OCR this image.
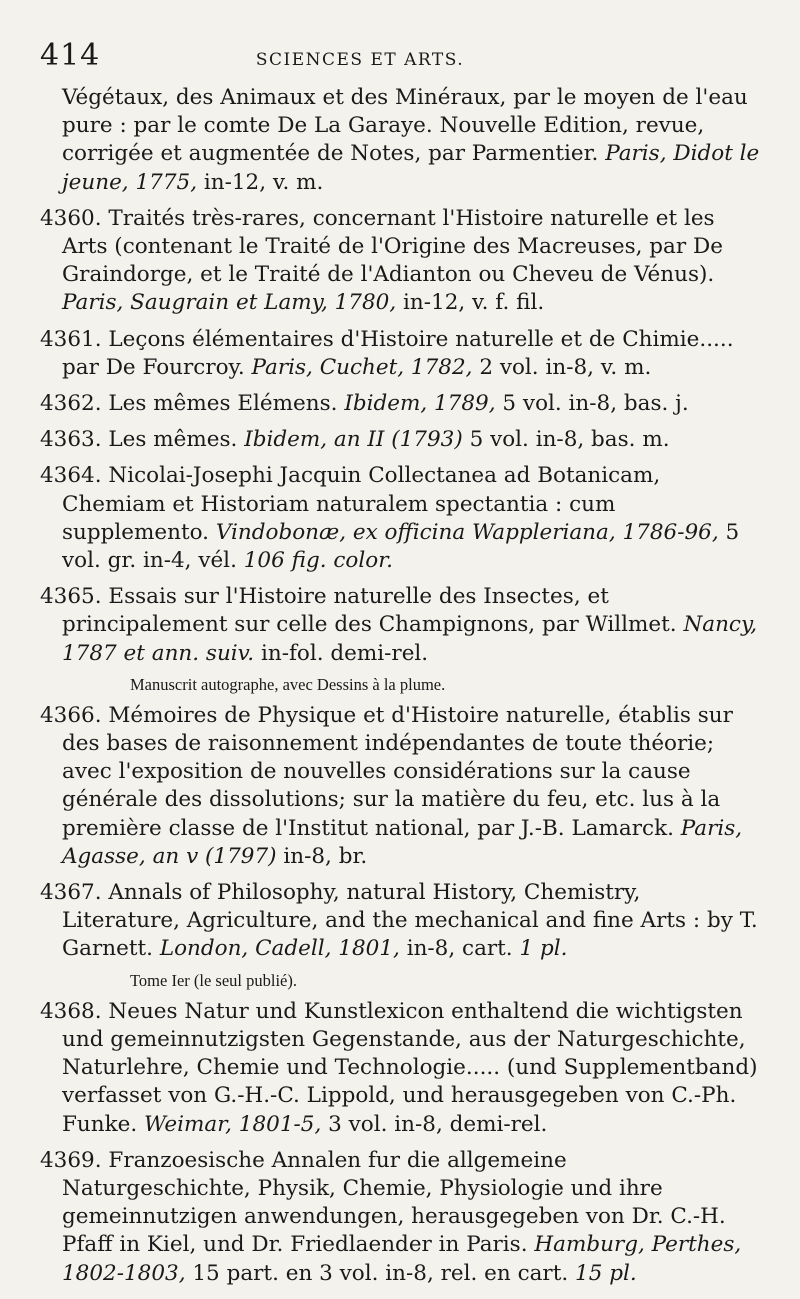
414	SCIENCES ET ARTS.

Végétaux, des Animaux et des Minéraux, par le moyen de l'eau pure : par le comte De La Garaye. Nouvelle Edition, revue, corrigée et augmentée de Notes, par Parmentier. Paris, Didot le jeune, 1775, in-12, v. m.

4360. Traités très-rares, concernant l'Histoire naturelle et les Arts (contenant le Traité de l'Origine des Macreuses, par De Graindorge, et le Traité de l'Adianton ou Cheveu de Vénus). Paris, Saugrain et Lamy, 1780, in-12, v. f. fil.

4361. Leçons élémentaires d'Histoire naturelle et de Chimie..... par De Fourcroy. Paris, Cuchet, 1782, 2 vol. in-8, v. m.

4362. Les mêmes Elémens. Ibidem, 1789, 5 vol. in-8, bas. j.

4363. Les mêmes. Ibidem, an II (1793) 5 vol. in-8, bas. m.

4364. Nicolai-Josephi Jacquin Collectanea ad Botanicam, Chemiam et Historiam naturalem spectantia : cum supplemento. Vindobonæ, ex officina Wappleriana, 1786-96, 5 vol. gr. in-4, vél. 106 fig. color.

4365. Essais sur l'Histoire naturelle des Insectes, et principalement sur celle des Champignons, par Willmet. Nancy, 1787 et ann. suiv. in-fol. demi-rel.

Manuscrit autographe, avec Dessins à la plume.

4366. Mémoires de Physique et d'Histoire naturelle, établis sur des bases de raisonnement indépendantes de toute théorie; avec l'exposition de nouvelles considérations sur la cause générale des dissolutions; sur la matière du feu, etc. lus à la première classe de l'Institut national, par J.-B. Lamarck. Paris, Agasse, an v (1797) in-8, br.

4367. Annals of Philosophy, natural History, Chemistry, Literature, Agriculture, and the mechanical and fine Arts : by T. Garnett. London, Cadell, 1801, in-8, cart. 1 pl.

Tome Ier (le seul publié).

4368. Neues Natur und Kunstlexicon enthaltend die wichtigsten und gemeinnutzigsten Gegenstande, aus der Naturgeschichte, Naturlehre, Chemie und Technologie..... (und Supplementband) verfasset von G.-H.-C. Lippold, und herausgegeben von C.-Ph. Funke. Weimar, 1801-5, 3 vol. in-8, demi-rel.

4369. Franzoesische Annalen fur die allgemeine Naturgeschichte, Physik, Chemie, Physiologie und ihre gemeinnutzigen anwendungen, herausgegeben von Dr. C.-H. Pfaff in Kiel, und Dr. Friedlaender in Paris. Hamburg, Perthes, 1802-1803, 15 part. en 3 vol. in-8, rel. en cart. 15 pl.
